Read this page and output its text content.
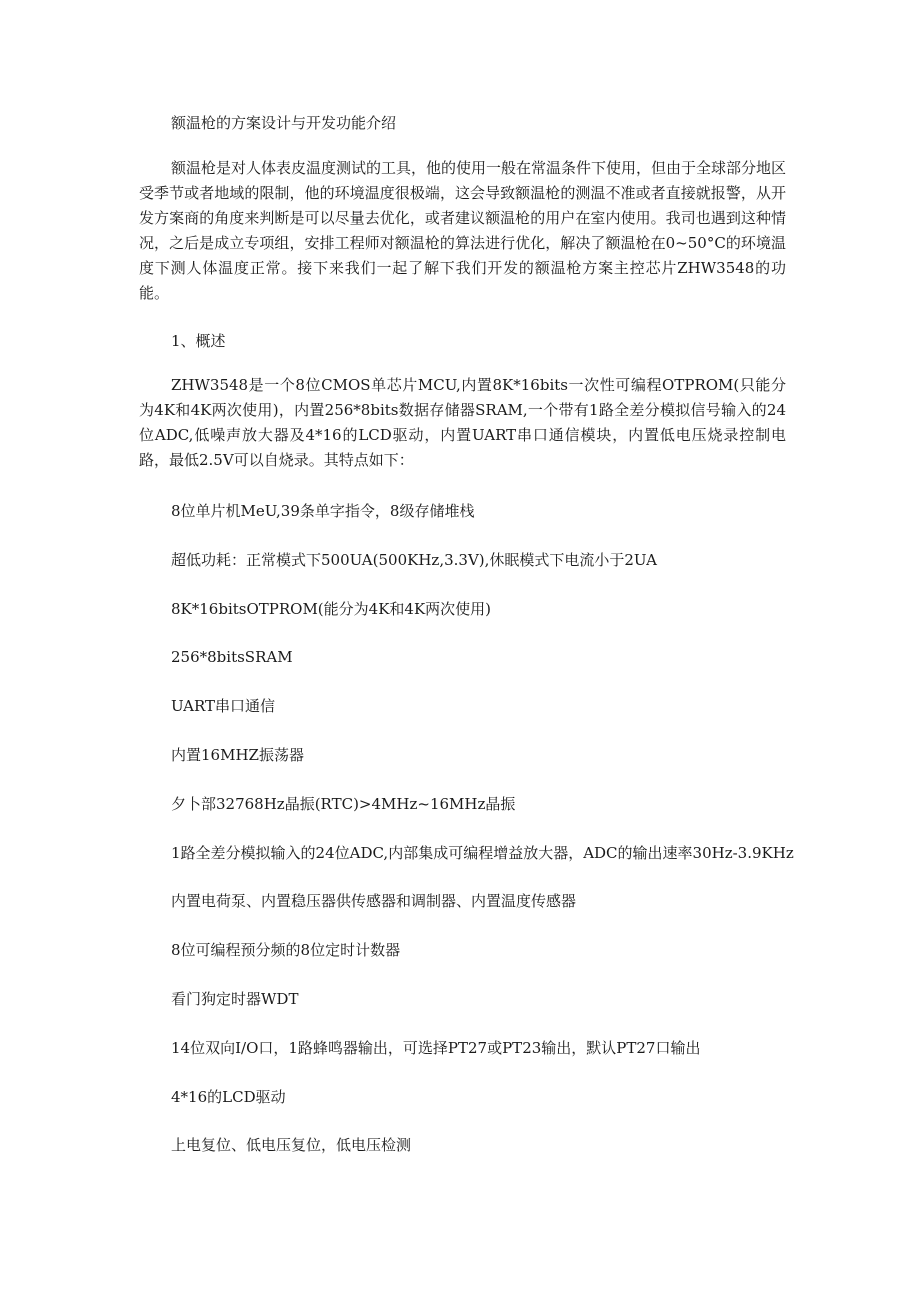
额温枪的方案设计与开发功能介绍

额温枪是对人体表皮温度测试的工具，他的使用一般在常温条件下使用，但由于全球部分地区受季节或者地域的限制，他的环境温度很极端，这会导致额温枪的测温不准或者直接就报警，从开发方案商的角度来判断是可以尽量去优化，或者建议额温枪的用户在室内使用。我司也遇到这种情况，之后是成立专项组，安排工程师对额温枪的算法进行优化，解决了额温枪在0~50°C的环境温度下测人体温度正常。接下来我们一起了解下我们开发的额温枪方案主控芯片ZHW3548的功能。

1、概述

ZHW3548是一个8位CMOS单芯片MCU,内置8K*16bits一次性可编程OTPROM(只能分为4K和4K两次使用)，内置256*8bits数据存储器SRAM,一个带有1路全差分模拟信号输入的24位ADC,低噪声放大器及4*16的LCD驱动，内置UART串口通信模块，内置低电压烧录控制电路，最低2.5V可以自烧录。其特点如下：

8位单片机MeU,39条单字指令，8级存储堆栈
超低功耗：正常模式下500UA(500KHz,3.3V),休眠模式下电流小于2UA
8K*16bitsOTPROM(能分为4K和4K两次使用)
256*8bitsSRAM
UART串口通信
内置16MHZ振荡器
夕卜部32768Hz晶振(RTC)>4MHz~16MHz晶振
1路全差分模拟输入的24位ADC,内部集成可编程增益放大器，ADC的输出速率30Hz-3.9KHz
内置电荷泵、内置稳压器供传感器和调制器、内置温度传感器
8位可编程预分频的8位定时计数器
看门狗定时器WDT
14位双向I/O口，1路蜂鸣器输出，可选择PT27或PT23输出，默认PT27口输出
4*16的LCD驱动
上电复位、低电压复位，低电压检测
